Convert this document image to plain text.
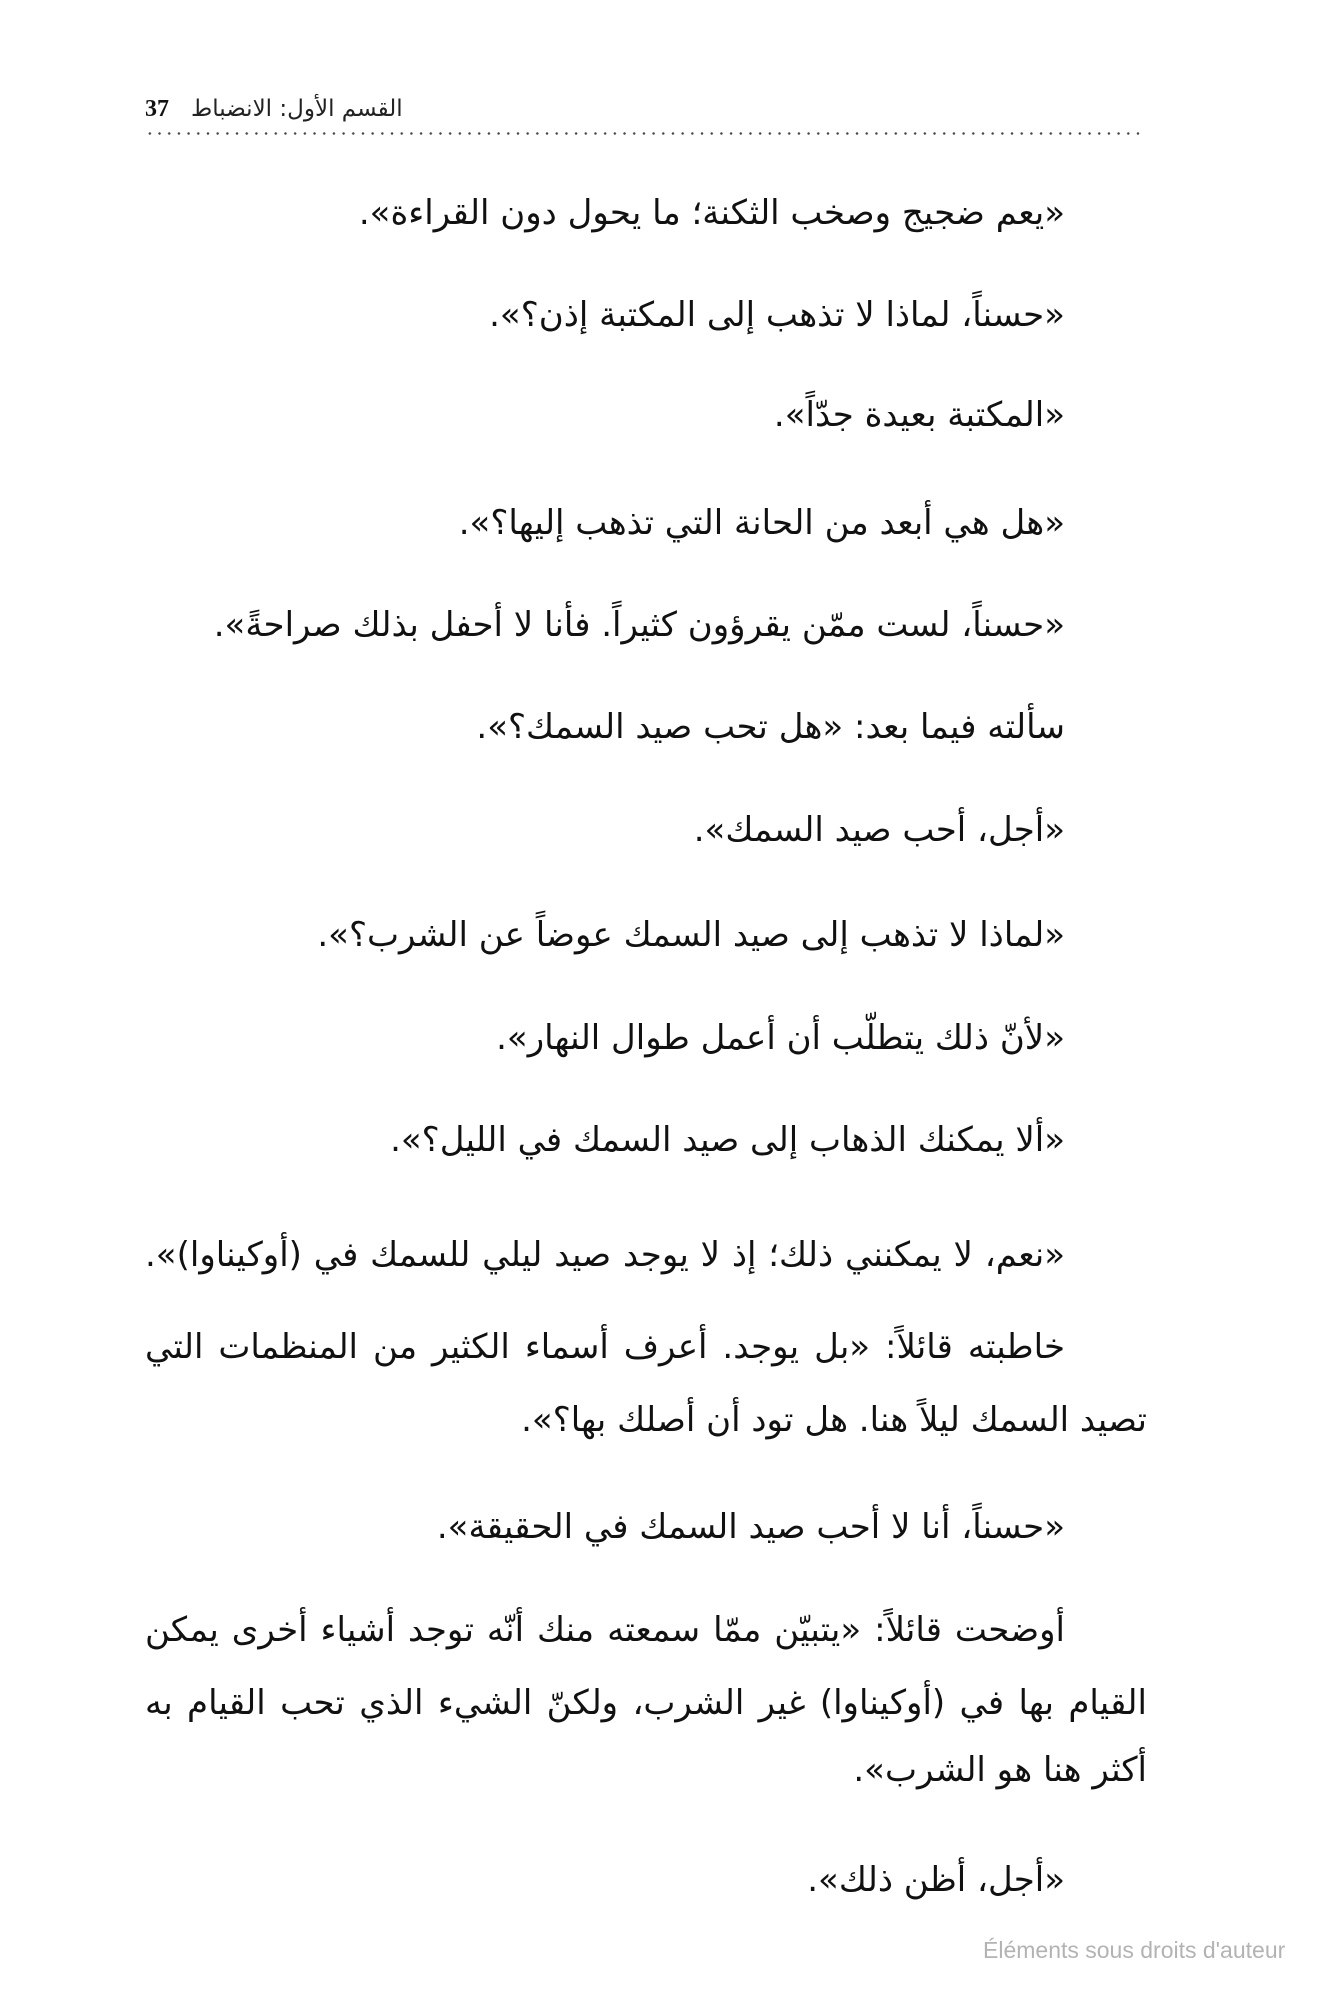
37 القسم الأول: الانضباط
«يعم ضجيج وصخب الثكنة؛ ما يحول دون القراءة».
«حسناً، لماذا لا تذهب إلى المكتبة إذن؟».
«المكتبة بعيدة جدّاً».
«هل هي أبعد من الحانة التي تذهب إليها؟».
«حسناً، لست ممّن يقرؤون كثيراً. فأنا لا أحفل بذلك صراحةً».
سألته فيما بعد: «هل تحب صيد السمك؟».
«أجل، أحب صيد السمك».
«لماذا لا تذهب إلى صيد السمك عوضاً عن الشرب؟».
«لأنّ ذلك يتطلّب أن أعمل طوال النهار».
«ألا يمكنك الذهاب إلى صيد السمك في الليل؟».
«نعم، لا يمكنني ذلك؛ إذ لا يوجد صيد ليلي للسمك في (أوكيناوا)».
خاطبته قائلاً: «بل يوجد. أعرف أسماء الكثير من المنظمات التي
تصيد السمك ليلاً هنا. هل تود أن أصلك بها؟».
«حسناً، أنا لا أحب صيد السمك في الحقيقة».
أوضحت قائلاً: «يتبيّن ممّا سمعته منك أنّه توجد أشياء أخرى يمكن
القيام بها في (أوكيناوا) غير الشرب، ولكنّ الشيء الذي تحب القيام به
أكثر هنا هو الشرب».
«أجل، أظن ذلك».
Éléments sous droits d'auteur
